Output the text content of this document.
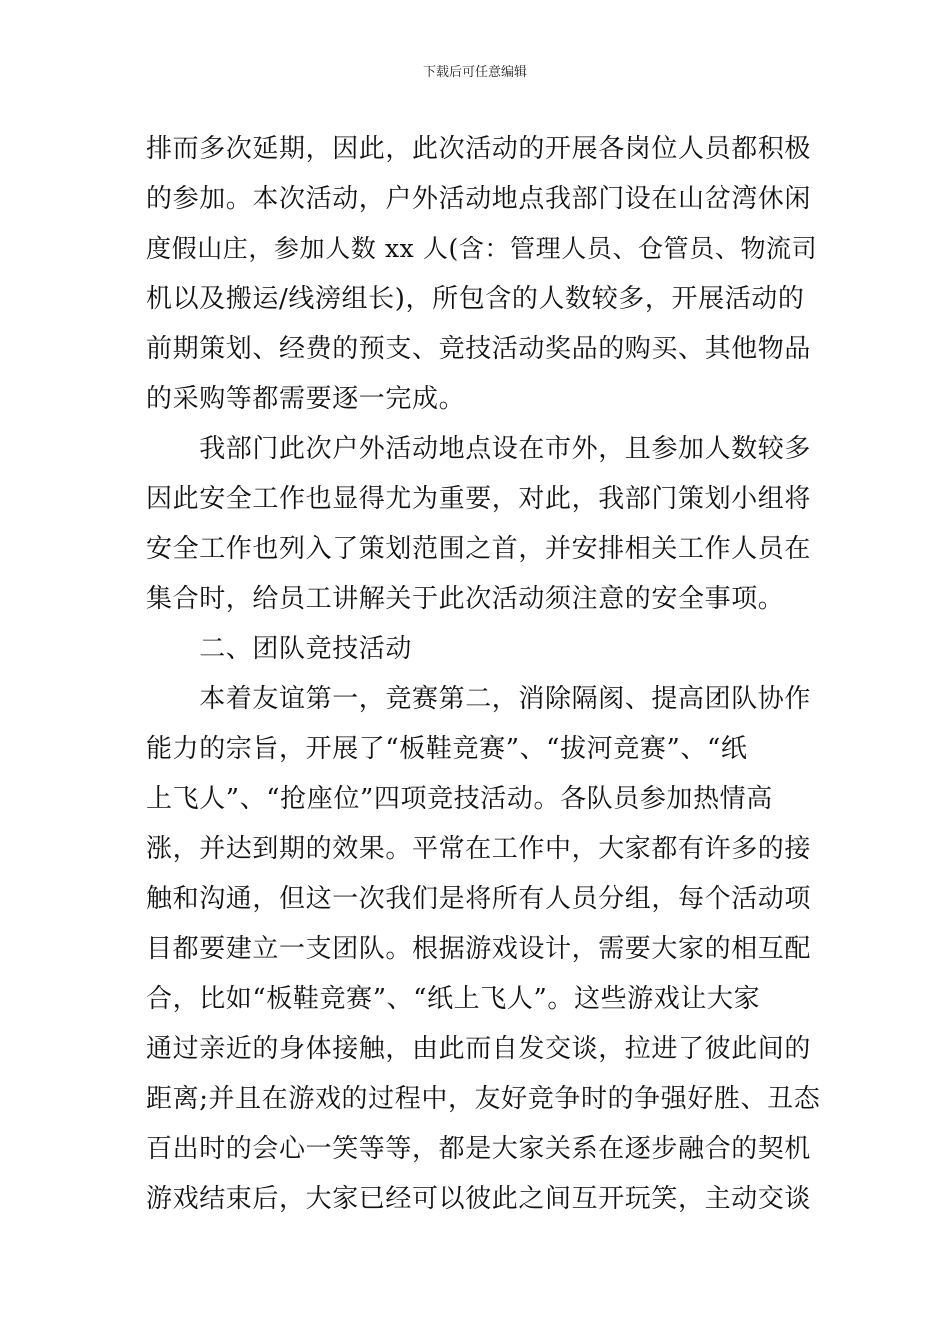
下载后可任意编辑
排而多次延期，因此，此次活动的开展各岗位人员都积极
的参加。本次活动，户外活动地点我部门设在山岔湾休闲
度假山庄，参加人数 xx 人(含：管理人员、仓管员、物流司
机以及搬运/线滂组长)，所包含的人数较多，开展活动的
前期策划、经费的预支、竞技活动奖品的购买、其他物品
的采购等都需要逐一完成。
　　我部门此次户外活动地点设在市外，且参加人数较多
因此安全工作也显得尤为重要，对此，我部门策划小组将
安全工作也列入了策划范围之首，并安排相关工作人员在
集合时，给员工讲解关于此次活动须注意的安全事项。
　　二、团队竞技活动
　　本着友谊第一，竞赛第二，消除隔阂、提高团队协作
能力的宗旨，开展了“板鞋竞赛”、“拔河竞赛”、“纸
上飞人”、“抢座位”四项竞技活动。各队员参加热情高
涨，并达到期的效果。平常在工作中，大家都有许多的接
触和沟通，但这一次我们是将所有人员分组，每个活动项
目都要建立一支团队。根据游戏设计，需要大家的相互配
合，比如“板鞋竞赛”、“纸上飞人”。这些游戏让大家
通过亲近的身体接触，由此而自发交谈，拉进了彼此间的
距离;并且在游戏的过程中，友好竞争时的争强好胜、丑态
百出时的会心一笑等等，都是大家关系在逐步融合的契机
游戏结束后，大家已经可以彼此之间互开玩笑，主动交谈
